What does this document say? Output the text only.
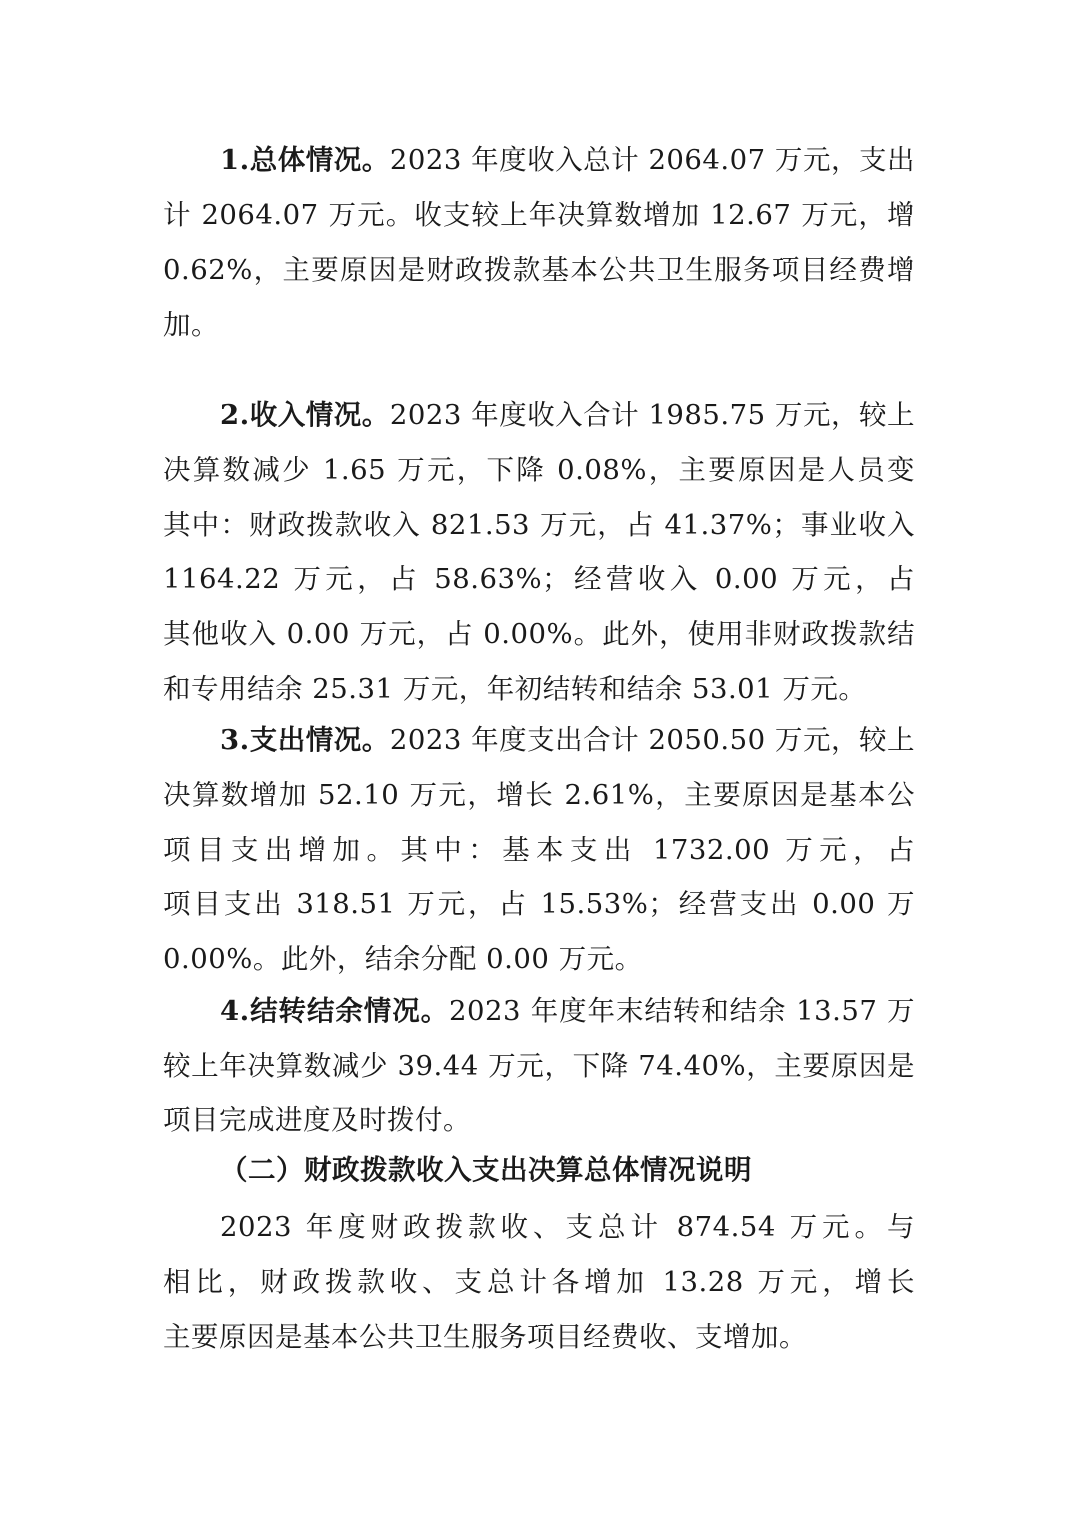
1.总体情况。2023 年度收入总计 2064.07 万元，支出
计 2064.07 万元。收支较上年决算数增加 12.67 万元，增
0.62%，主要原因是财政拨款基本公共卫生服务项目经费增
加。
2.收入情况。2023 年度收入合计 1985.75 万元，较上
决算数减少 1.65 万元，下降 0.08%，主要原因是人员变
其中：财政拨款收入 821.53 万元，占 41.37%；事业收入
1164.22 万元，占 58.63%；经营收入 0.00 万元，占
其他收入 0.00 万元，占 0.00%。此外，使用非财政拨款结
和专用结余 25.31 万元，年初结转和结余 53.01 万元。
3.支出情况。2023 年度支出合计 2050.50 万元，较上
决算数增加 52.10 万元，增长 2.61%，主要原因是基本公
项目支出增加。其中：基本支出 1732.00 万元，占
项目支出 318.51 万元，占 15.53%；经营支出 0.00 万
0.00%。此外，结余分配 0.00 万元。
4.结转结余情况。2023 年度年末结转和结余 13.57 万
较上年决算数减少 39.44 万元，下降 74.40%，主要原因是
项目完成进度及时拨付。
（二）财政拨款收入支出决算总体情况说明
2023 年度财政拨款收、支总计 874.54 万元。与
相比，财政拨款收、支总计各增加 13.28 万元，增长
主要原因是基本公共卫生服务项目经费收、支增加。
